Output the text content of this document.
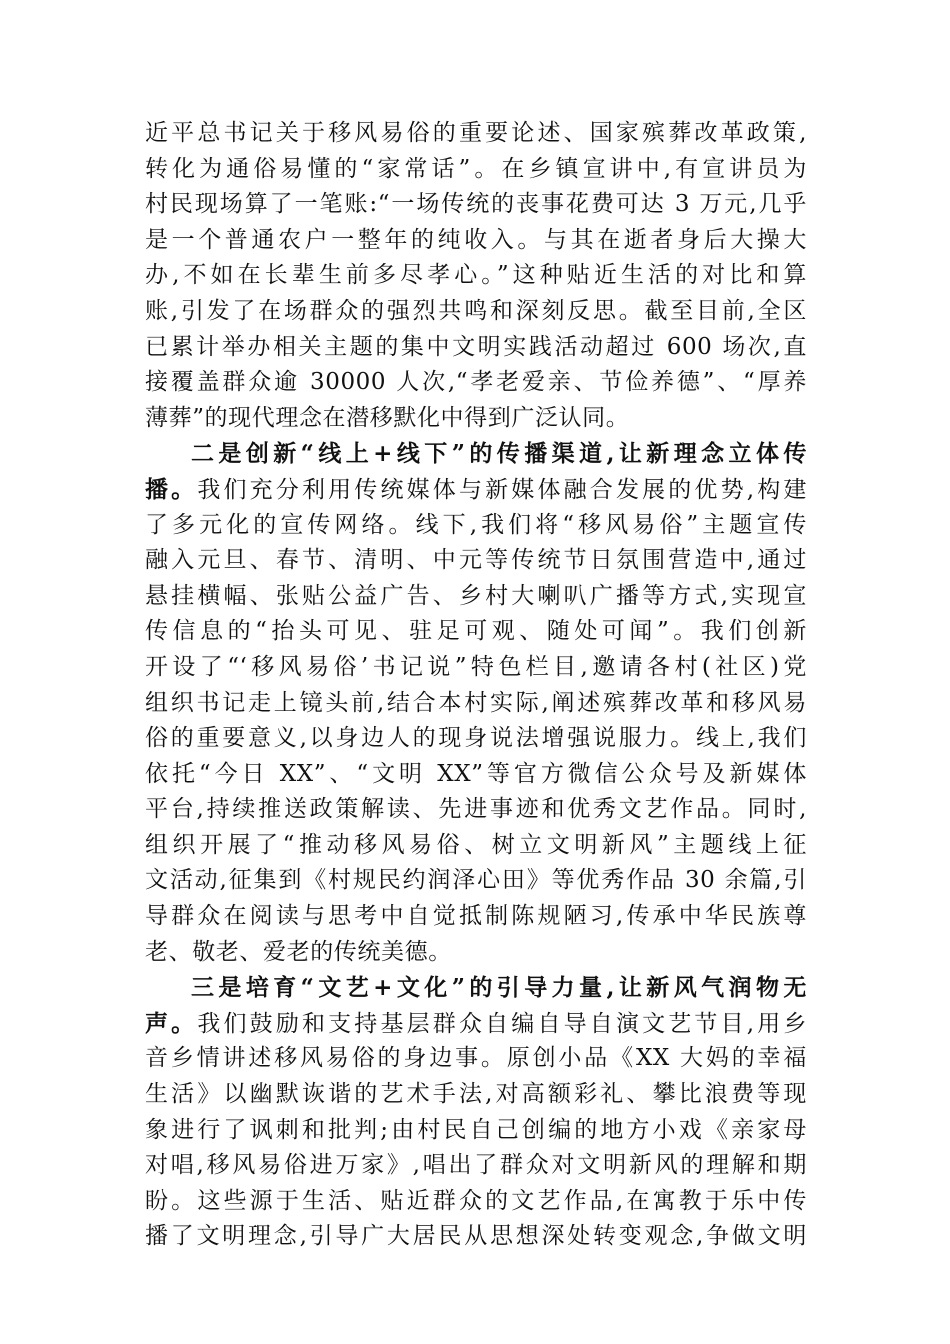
近平总书记关于移风易俗的重要论述、国家殡葬改革政策,
转化为通俗易懂的“家常话”。在乡镇宣讲中,有宣讲员为
村民现场算了一笔账:“一场传统的丧事花费可达 3 万元,几乎
是一个普通农户一整年的纯收入。与其在逝者身后大操大
办,不如在长辈生前多尽孝心。”这种贴近生活的对比和算
账,引发了在场群众的强烈共鸣和深刻反思。截至目前,全区
已累计举办相关主题的集中文明实践活动超过 600 场次,直
接覆盖群众逾 30000 人次,“孝老爱亲、节俭养德”、“厚养
薄葬”的现代理念在潜移默化中得到广泛认同。
二是创新“线上+线下”的传播渠道,让新理念立体传
播。我们充分利用传统媒体与新媒体融合发展的优势,构建
了多元化的宣传网络。线下,我们将“移风易俗”主题宣传
融入元旦、春节、清明、中元等传统节日氛围营造中,通过
悬挂横幅、张贴公益广告、乡村大喇叭广播等方式,实现宣
传信息的“抬头可见、驻足可观、随处可闻”。我们创新
开设了“‘移风易俗’书记说”特色栏目,邀请各村(社区)党
组织书记走上镜头前,结合本村实际,阐述殡葬改革和移风易
俗的重要意义,以身边人的现身说法增强说服力。线上,我们
依托“今日 XX”、“文明 XX”等官方微信公众号及新媒体
平台,持续推送政策解读、先进事迹和优秀文艺作品。同时,
组织开展了“推动移风易俗、树立文明新风”主题线上征
文活动,征集到《村规民约润泽心田》等优秀作品 30 余篇,引
导群众在阅读与思考中自觉抵制陈规陋习,传承中华民族尊
老、敬老、爱老的传统美德。
三是培育“文艺+文化”的引导力量,让新风气润物无
声。我们鼓励和支持基层群众自编自导自演文艺节目,用乡
音乡情讲述移风易俗的身边事。原创小品《XX 大妈的幸福
生活》以幽默诙谐的艺术手法,对高额彩礼、攀比浪费等现
象进行了讽刺和批判;由村民自己创编的地方小戏《亲家母
对唱,移风易俗进万家》,唱出了群众对文明新风的理解和期
盼。这些源于生活、贴近群众的文艺作品,在寓教于乐中传
播了文明理念,引导广大居民从思想深处转变观念,争做文明
